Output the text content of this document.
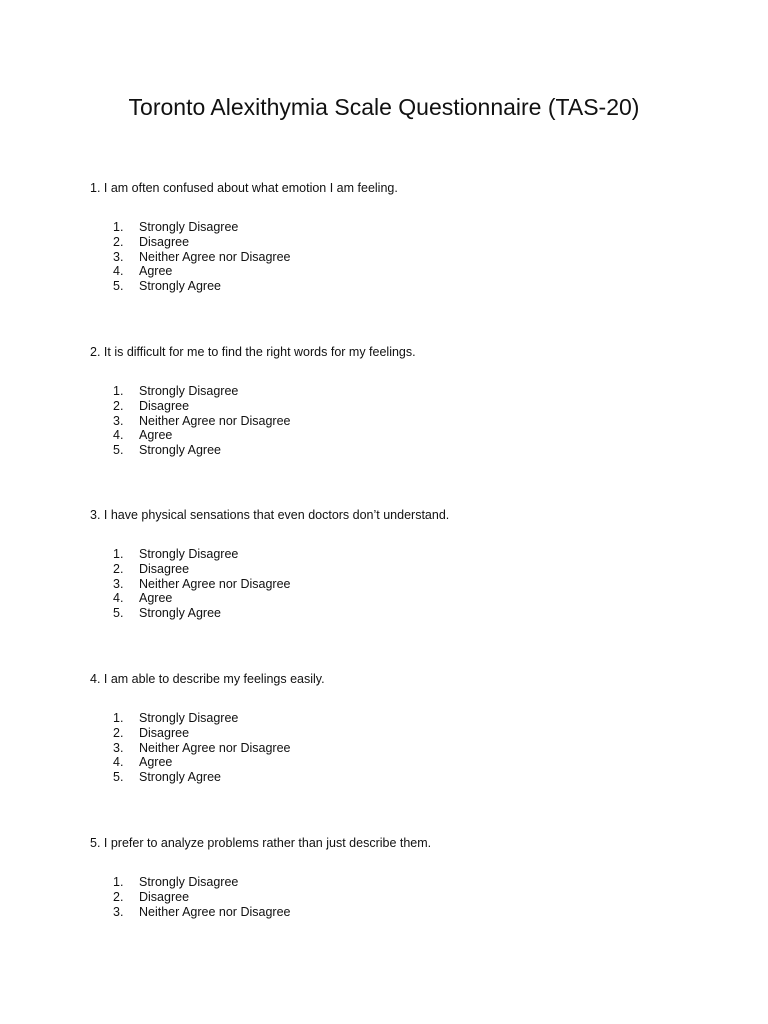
Toronto Alexithymia Scale Questionnaire (TAS-20)

1. I am often confused about what emotion I am feeling.

1. Strongly Disagree
2. Disagree
3. Neither Agree nor Disagree
4. Agree
5. Strongly Agree

2. It is difficult for me to find the right words for my feelings.

1. Strongly Disagree
2. Disagree
3. Neither Agree nor Disagree
4. Agree
5. Strongly Agree

3. I have physical sensations that even doctors don’t understand.

1. Strongly Disagree
2. Disagree
3. Neither Agree nor Disagree
4. Agree
5. Strongly Agree

4. I am able to describe my feelings easily.

1. Strongly Disagree
2. Disagree
3. Neither Agree nor Disagree
4. Agree
5. Strongly Agree

5. I prefer to analyze problems rather than just describe them.

1. Strongly Disagree
2. Disagree
3. Neither Agree nor Disagree
